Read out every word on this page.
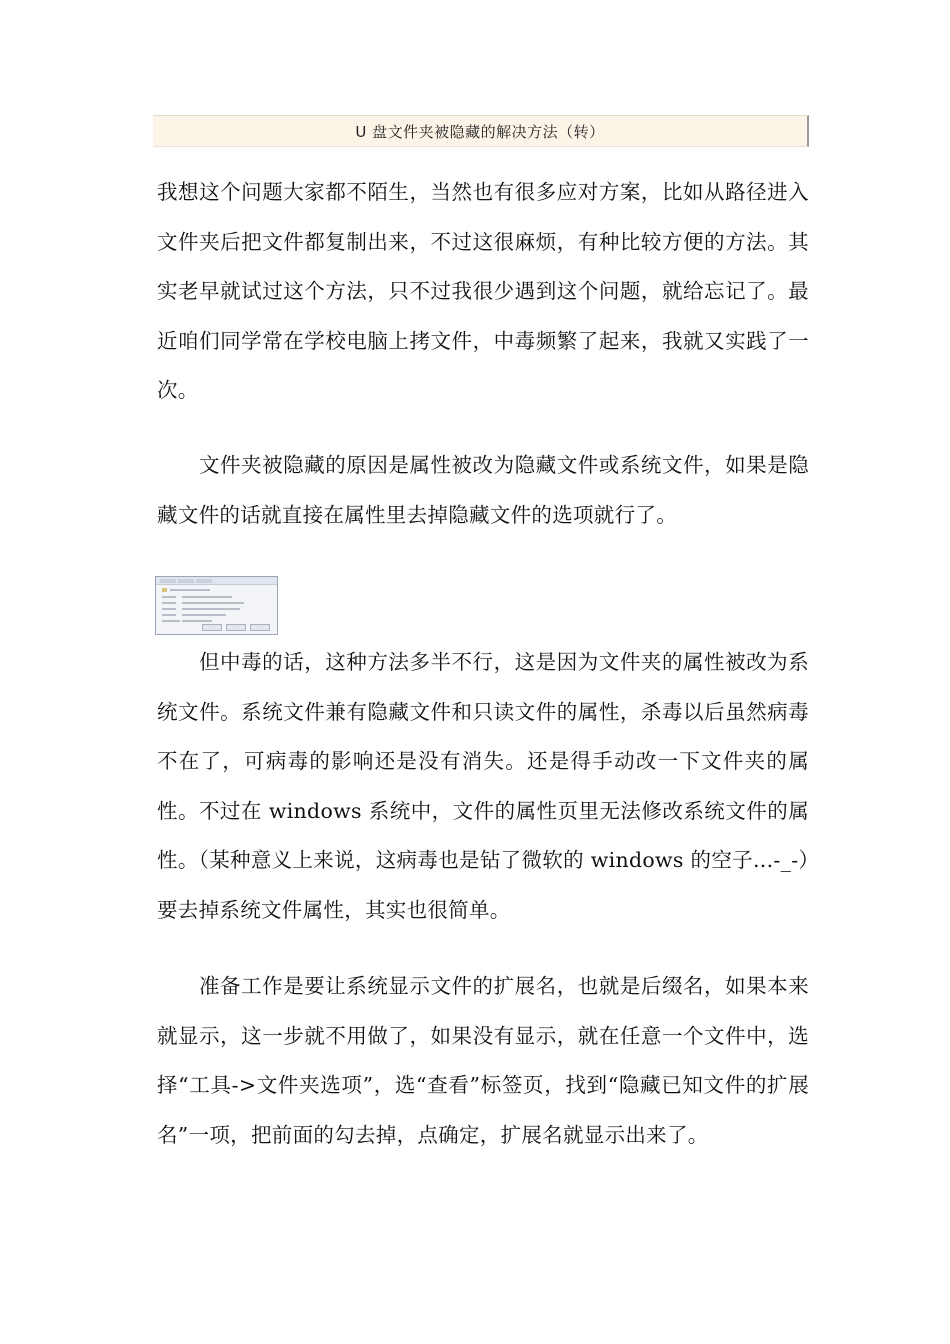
U 盘文件夹被隐藏的解决方法（转）

我想这个问题大家都不陌生，当然也有很多应对方案，比如从路径进入文件夹后把文件都复制出来，不过这很麻烦，有种比较方便的方法。其实老早就试过这个方法，只不过我很少遇到这个问题，就给忘记了。最近咱们同学常在学校电脑上拷文件，中毒频繁了起来，我就又实践了一次。

文件夹被隐藏的原因是属性被改为隐藏文件或系统文件，如果是隐藏文件的话就直接在属性里去掉隐藏文件的选项就行了。

但中毒的话，这种方法多半不行，这是因为文件夹的属性被改为系统文件。系统文件兼有隐藏文件和只读文件的属性，杀毒以后虽然病毒不在了，可病毒的影响还是没有消失。还是得手动改一下文件夹的属性。不过在 windows 系统中，文件的属性页里无法修改系统文件的属性。（某种意义上来说，这病毒也是钻了微软的 windows 的空子...-_-）要去掉系统文件属性，其实也很简单。

准备工作是要让系统显示文件的扩展名，也就是后缀名，如果本来就显示，这一步就不用做了，如果没有显示，就在任意一个文件中，选择“工具->文件夹选项”，选“查看”标签页，找到“隐藏已知文件的扩展名”一项，把前面的勾去掉，点确定，扩展名就显示出来了。
